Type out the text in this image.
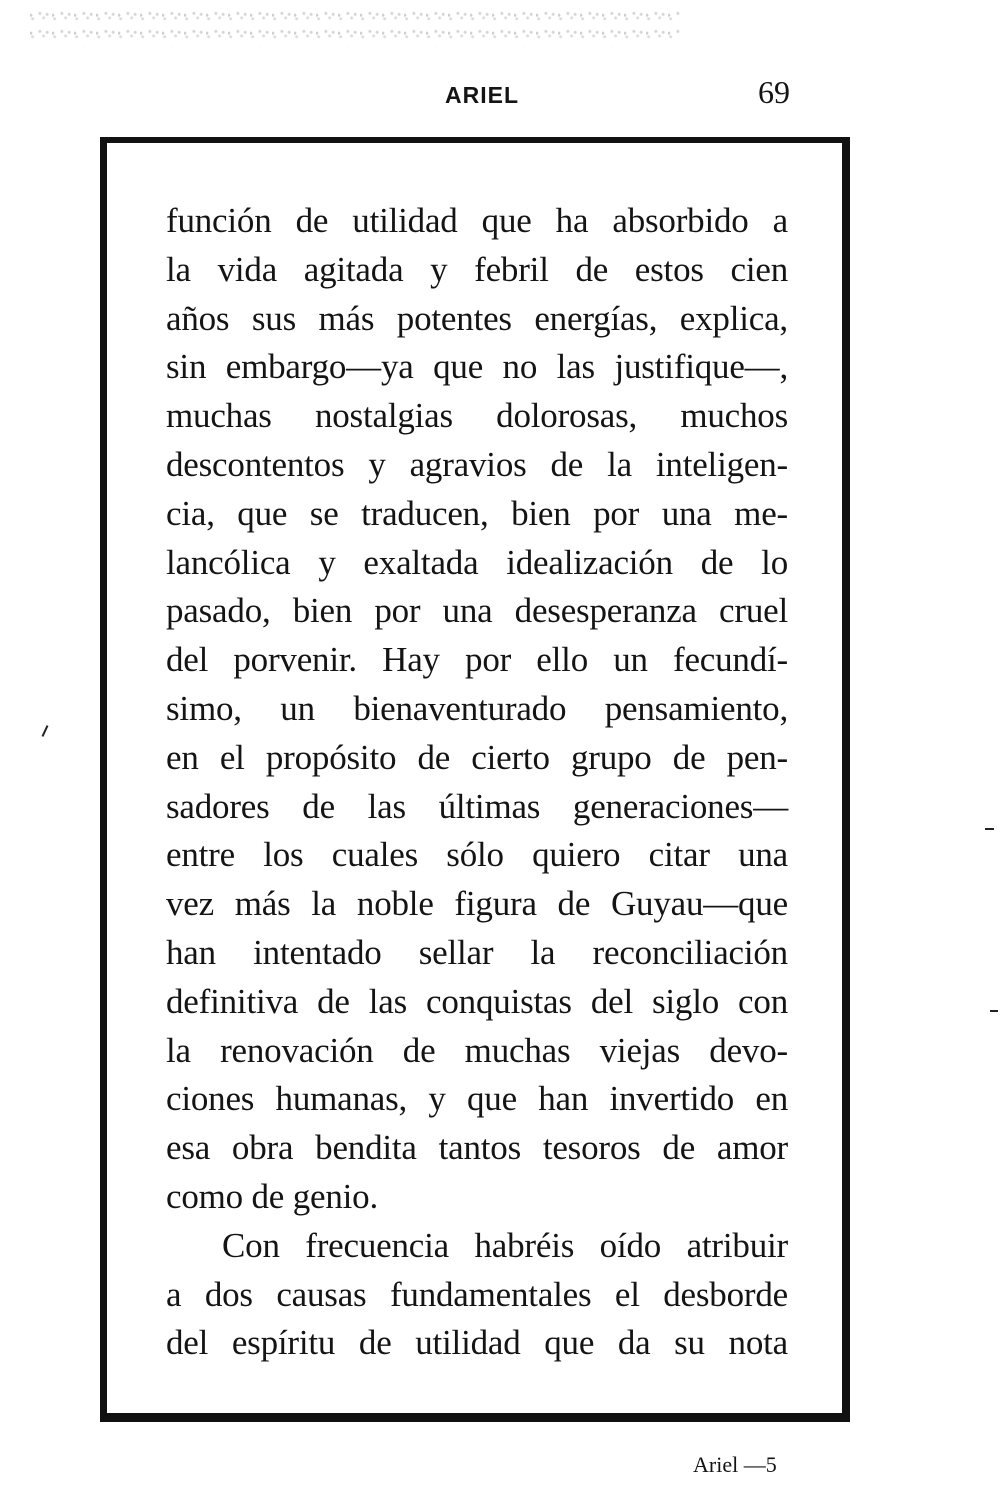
ARIEL	69
función de utilidad que ha absorbido a
la vida agitada y febril de estos cien
años sus más potentes energías, explica,
sin embargo—ya que no las justifique—,
muchas nostalgias dolorosas, muchos
descontentos y agravios de la inteligen-
cia, que se traducen, bien por una me-
lancólica y exaltada idealización de lo
pasado, bien por una desesperanza cruel
del porvenir. Hay por ello un fecundí-
simo, un bienaventurado pensamiento,
en el propósito de cierto grupo de pen-
sadores de las últimas generaciones—
entre los cuales sólo quiero citar una
vez más la noble figura de Guyau—que
han intentado sellar la reconciliación
definitiva de las conquistas del siglo con
la renovación de muchas viejas devo-
ciones humanas, y que han invertido en
esa obra bendita tantos tesoros de amor
como de genio.
Con frecuencia habréis oído atribuir
a dos causas fundamentales el desborde
del espíritu de utilidad que da su nota
Ariel —5
